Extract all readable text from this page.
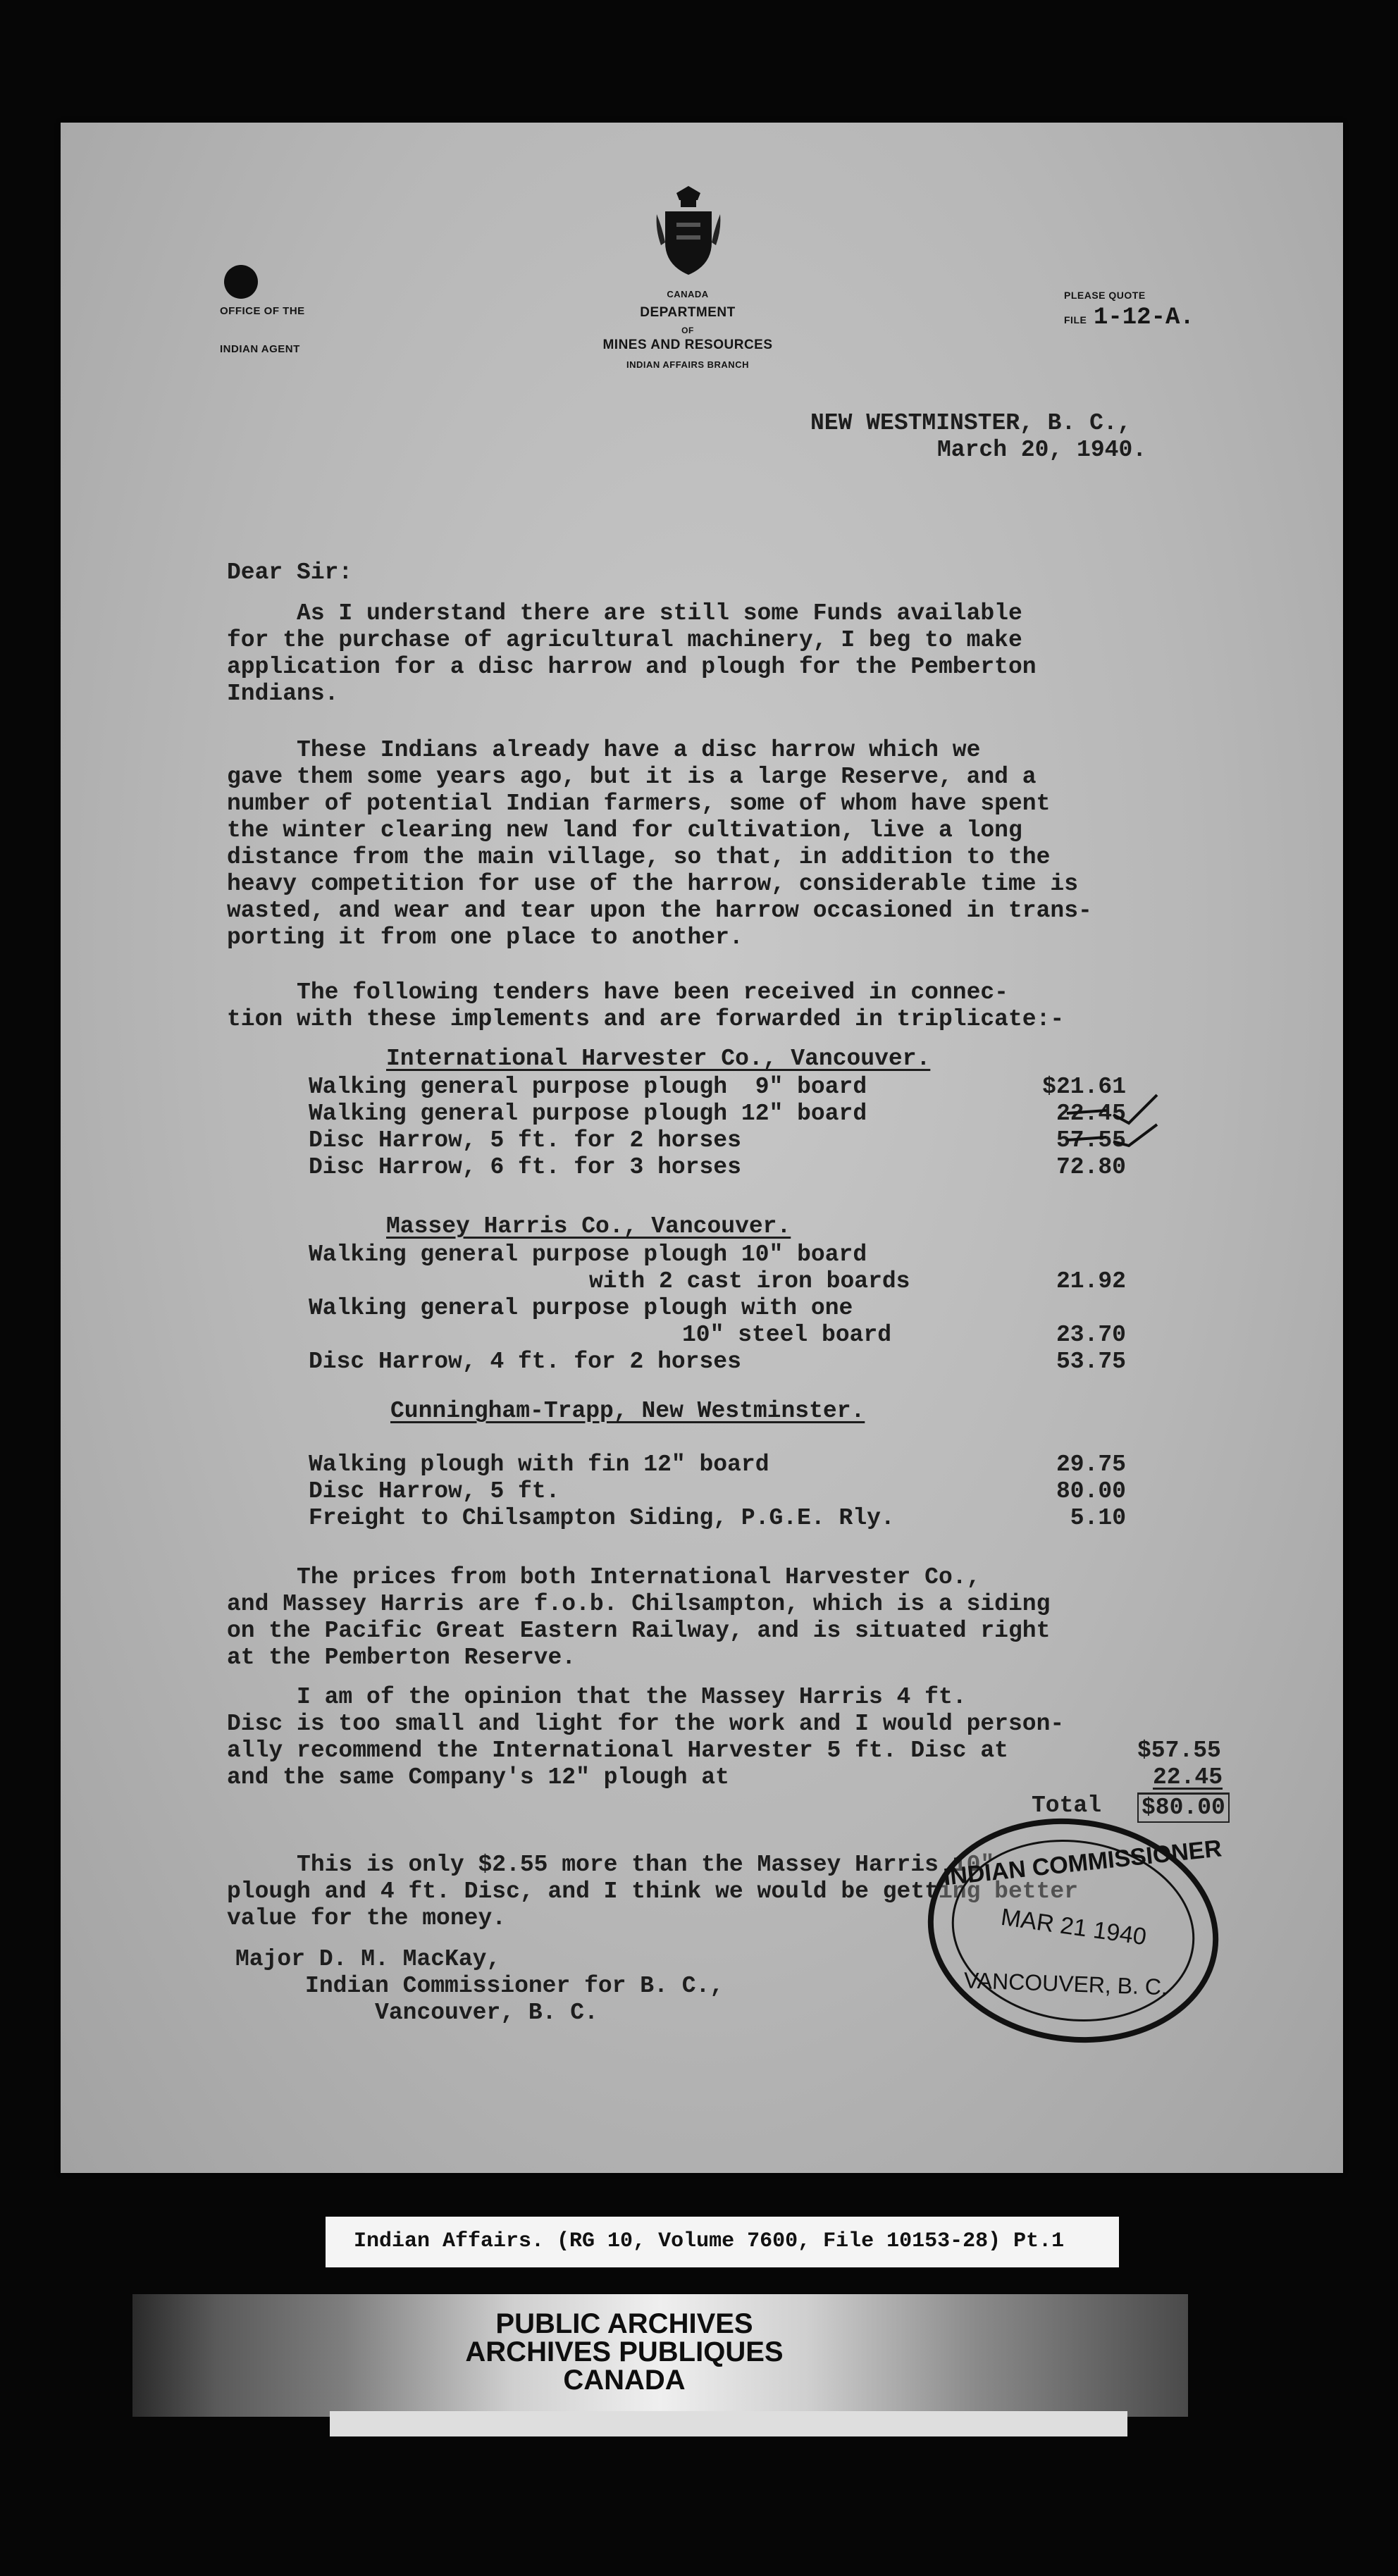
OFFICE OF THE
INDIAN AGENT
CANADA
DEPARTMENT
OF
MINES AND RESOURCES
INDIAN AFFAIRS BRANCH
PLEASE QUOTE
FILE 1-12-A.
NEW WESTMINSTER, B. C.,
March 20, 1940.
Dear Sir:
As I understand there are still some Funds available
for the purchase of agricultural machinery, I beg to make
application for a disc harrow and plough for the Pemberton
Indians.
These Indians already have a disc harrow which we
gave them some years ago, but it is a large Reserve, and a
number of potential Indian farmers, some of whom have spent
the winter clearing new land for cultivation, live a long
distance from the main village, so that, in addition to the
heavy competition for use of the harrow, considerable time is
wasted, and wear and tear upon the harrow occasioned in trans-
porting it from one place to another.
The following tenders have been received in connec-
tion with these implements and are forwarded in triplicate:-
International Harvester Co., Vancouver.
Walking general purpose plough  9" board	$21.61
Walking general purpose plough 12" board	22.45
Disc Harrow, 5 ft. for 2 horses	57.55
Disc Harrow, 6 ft. for 3 horses	72.80
Massey Harris Co., Vancouver.
Walking general purpose plough 10" board
with 2 cast iron boards	21.92
Walking general purpose plough with one
10" steel board	23.70
Disc Harrow, 4 ft. for 2 horses	53.75
Cunningham-Trapp, New Westminster.
Walking plough with fin 12" board	29.75
Disc Harrow, 5 ft.	80.00
Freight to Chilsampton Siding, P.G.E. Rly.	5.10
The prices from both International Harvester Co.,
and Massey Harris are f.o.b. Chilsampton, which is a siding
on the Pacific Great Eastern Railway, and is situated right
at the Pemberton Reserve.
I am of the opinion that the Massey Harris 4 ft.
Disc is too small and light for the work and I would person-
ally recommend the International Harvester 5 ft. Disc at
and the same Company's 12" plough at
$57.55
22.45
Total $80.00
This is only $2.55 more than the Massey Harris 10"
plough and 4 ft. Disc, and I think we would be getting better
value for the money.
Major D. M. MacKay,
Indian Commissioner for B. C.,
Vancouver, B. C.
INDIAN COMMISSIONER
MAR 21 1940
VANCOUVER, B. C.
Indian Affairs. (RG 10, Volume 7600, File 10153-28) Pt.1
PUBLIC ARCHIVES
ARCHIVES PUBLIQUES
CANADA
